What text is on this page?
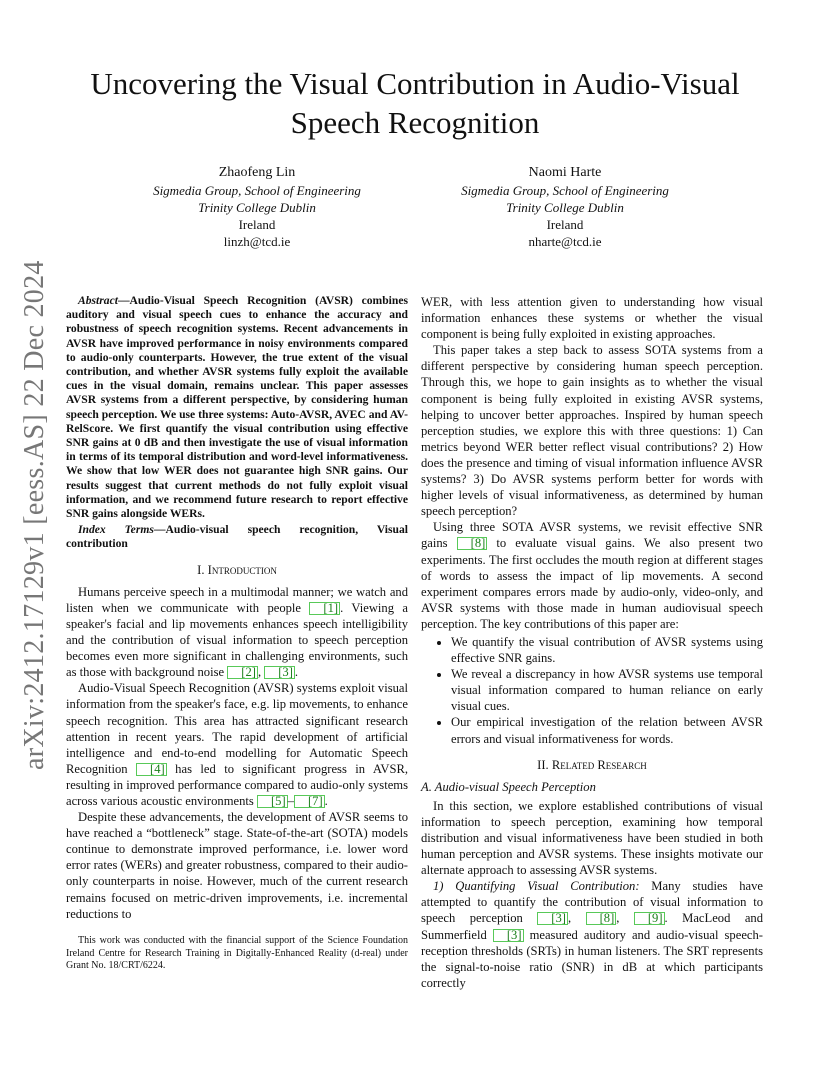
arXiv:2412.17129v1 [eess.AS] 22 Dec 2024
Uncovering the Visual Contribution in Audio-Visual
Speech Recognition
Zhaofeng Lin
Sigmedia Group, School of Engineering
Trinity College Dublin
Ireland
linzh@tcd.ie
Naomi Harte
Sigmedia Group, School of Engineering
Trinity College Dublin
Ireland
nharte@tcd.ie

Abstract—Audio-Visual Speech Recognition (AVSR) combines auditory and visual speech cues to enhance the accuracy and robustness of speech recognition systems. Recent advancements in AVSR have improved performance in noisy environments compared to audio-only counterparts. However, the true extent of the visual contribution, and whether AVSR systems fully exploit the available cues in the visual domain, remains unclear. This paper assesses AVSR systems from a different perspective, by considering human speech perception. We use three systems: Auto-AVSR, AVEC and AV-RelScore. We first quantify the visual contribution using effective SNR gains at 0 dB and then investigate the use of visual information in terms of its temporal distribution and word-level informativeness. We show that low WER does not guarantee high SNR gains. Our results suggest that current methods do not fully exploit visual information, and we recommend future research to report effective SNR gains alongside WERs.

Index Terms—Audio-visual speech recognition, Visual contribution

I. Introduction

Humans perceive speech in a multimodal manner; we watch and listen when we communicate with people [1] . Viewing a speaker's facial and lip movements enhances speech intelligibility and the contribution of visual information to speech perception becomes even more significant in challenging environments, such as those with background noise [2] , [3] .

Audio-Visual Speech Recognition (AVSR) systems exploit visual information from the speaker's face, e.g. lip movements, to enhance speech recognition. This area has attracted significant research attention in recent years. The rapid development of artificial intelligence and end-to-end modelling for Automatic Speech Recognition [4] has led to significant progress in AVSR, resulting in improved performance compared to audio-only systems across various acoustic environments [5] – [7] .

Despite these advancements, the development of AVSR seems to have reached a “bottleneck” stage. State-of-the-art (SOTA) models continue to demonstrate improved performance, i.e. lower word error rates (WERs) and greater robustness, compared to their audio-only counterparts in noise. However, much of the current research remains focused on metric-driven improvements, i.e. incremental reductions to

This work was conducted with the financial support of the Science Foundation Ireland Centre for Research Training in Digitally-Enhanced Reality (d-real) under Grant No. 18/CRT/6224.

WER, with less attention given to understanding how visual information enhances these systems or whether the visual component is being fully exploited in existing approaches.

This paper takes a step back to assess SOTA systems from a different perspective by considering human speech perception. Through this, we hope to gain insights as to whether the visual component is being fully exploited in existing AVSR systems, helping to uncover better approaches. Inspired by human speech perception studies, we explore this with three questions: 1) Can metrics beyond WER better reflect visual contributions? 2) How does the presence and timing of visual information influence AVSR systems? 3) Do AVSR systems perform better for words with higher levels of visual informativeness, as determined by human speech perception?

Using three SOTA AVSR systems, we revisit effective SNR gains [8] to evaluate visual gains. We also present two experiments. The first occludes the mouth region at different stages of words to assess the impact of lip movements. A second experiment compares errors made by audio-only, video-only, and AVSR systems with those made in human audiovisual speech perception. The key contributions of this paper are:

• We quantify the visual contribution of AVSR systems using effective SNR gains.
• We reveal a discrepancy in how AVSR systems use temporal visual information compared to human reliance on early visual cues.
• Our empirical investigation of the relation between AVSR errors and visual informativeness for words.
II. Related Research
A. Audio-visual Speech Perception

In this section, we explore established contributions of visual information to speech perception, examining how temporal distribution and visual informativeness have been studied in both human perception and AVSR systems. These insights motivate our alternate approach to assessing AVSR systems.

1) Quantifying Visual Contribution: Many studies have attempted to quantify the contribution of visual information to speech perception [3] , [8] , [9] . MacLeod and Summerfield [3] measured auditory and audio-visual speech-reception thresholds (SRTs) in human listeners. The SRT represents the signal-to-noise ratio (SNR) in dB at which participants correctly
